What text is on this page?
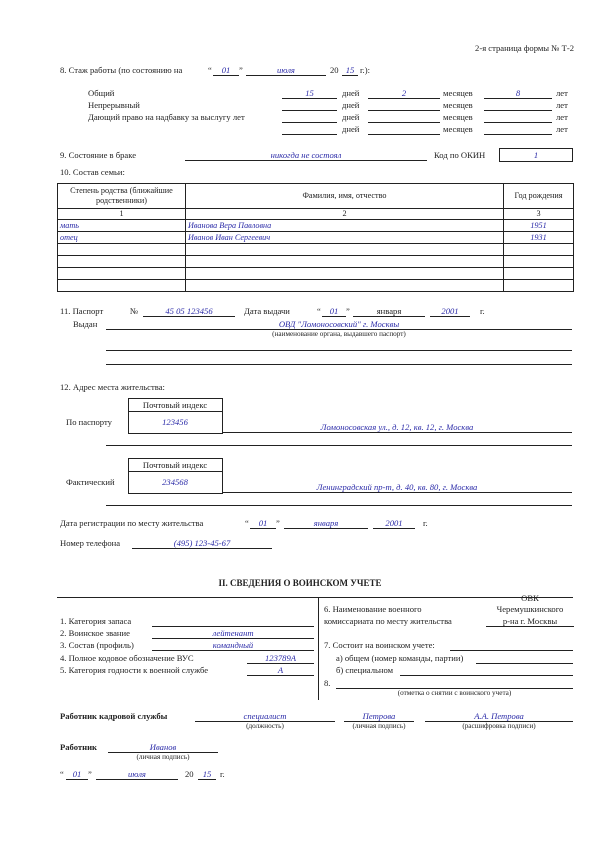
2-я страница формы № Т-2
8. Стаж работы (по состоянию на	“	01	”	июля	20 15 г.):
Общий	15	дней	2	месяцев	8	лет
Непрерывный	дней	месяцев	лет
Дающий право на надбавку за выслугу лет	дней	месяцев	лет
дней	месяцев	лет
9. Состояние в браке	никогда не состоял	Код по ОКИН	1
10. Состав семьи:
Степень родства (ближайшие родственники)	Фамилия, имя, отчество	Год рождения
1	2	3
мать	Иванова Вера Павловна	1951
отец	Иванов Иван Сергеевич	1931

11. Паспорт	№	45 05 123456	Дата выдачи	“	01 ”	января	2001	г.
Выдан	ОВД "Ломоносовский" г. Москвы
(наименование органа, выдавшего паспорт)
12. Адрес места жительства:
Почтовый индекс
123456
По паспорту	Ломоносовская ул., д. 12, кв. 12, г. Москва
Почтовый индекс
234568
Фактический	Ленинградский пр-т, д. 40, кв. 80, г. Москва
Дата регистрации по месту жительства	“	01	”	января	2001	г.
Номер телефона	(495) 123-45-67
II. СВЕДЕНИЯ О ВОИНСКОМ УЧЕТЕ
1. Категория запаса
2. Воинское звание	лейтенант
3. Состав (профиль)	командный
4. Полное кодовое обозначение ВУС	123789А
5. Категория годности к военной службе	А
ОВК
Черемушкинского
6. Наименование военного
комиссариата по месту жительства	р-на г. Москвы
7. Состоит на воинском учете:
а) общем (номер команды, партии)
б) специальном
8.
(отметка о снятии с воинского учета)
Работник кадровой службы	специалист
(должность)
Петрова
(личная подпись)
А.А. Петрова
(расшифровка подписи)
Работник	Иванов
(личная подпись)
“	01 ”	июля	20	15	г.
